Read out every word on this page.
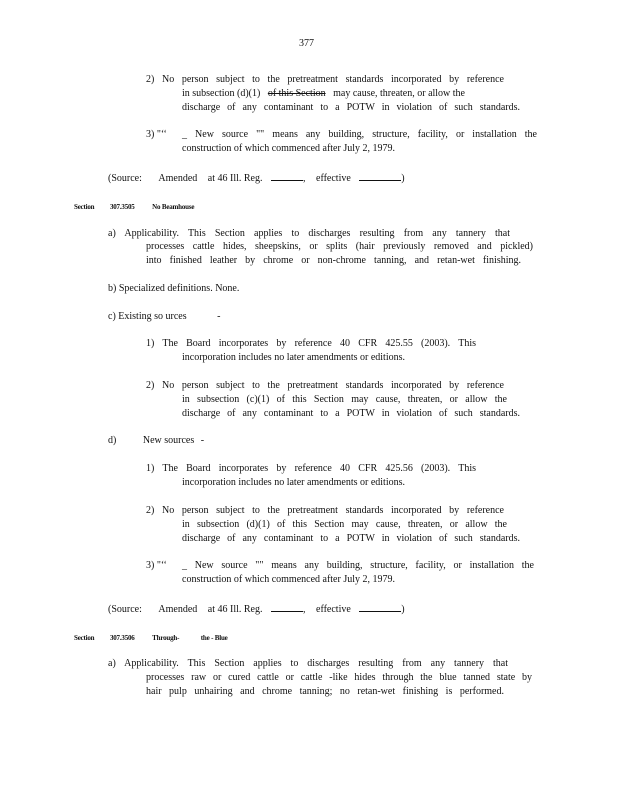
377
2) No person subject to the pretreatment standards incorporated by reference
in subsection (d)(1) of this Section may cause, threaten, or allow the
discharge of any contaminant to a POTW in violation of such standards.
3) "‘‘ _ New source "" means any building, structure, facility, or installation the
construction of which commenced after July 2, 1979.
(Source: Amended at 46 Ill. Reg.	, effective	)
Section 307.3505	No Beamhouse
a) Applicability. This Section applies to discharges resulting from any tannery that
processes cattle hides, sheepskins, or splits (hair previously removed and pickled)
into finished leather by chrome or non-chrome tanning, and retan-wet finishing.
b) Specialized definitions. None.
c) Existing so urces	-
1) The Board incorporates by reference 40 CFR 425.55 (2003). This
incorporation includes no later amendments or editions.
2) No person subject to the pretreatment standards incorporated by reference
in subsection (c)(1) of this Section may cause, threaten, or allow the
discharge of any contaminant to a POTW in violation of such standards.
d)	New sources -
1) The Board incorporates by reference 40 CFR 425.56 (2003). This
incorporation includes no later amendments or editions.
2) No person subject to the pretreatment standards incorporated by reference
in subsection (d)(1) of this Section may cause, threaten, or allow the
discharge of any contaminant to a POTW in violation of such standards.
3) "‘‘ _ New source "" means any building, structure, facility, or installation the
construction of which commenced after July 2, 1979.
(Source: Amended at 46 Ill. Reg.	, effective	)
Section 307.3506	Through-	the - Blue
a) Applicability. This Section applies to discharges resulting from any tannery that
processes raw or cured cattle or cattle -like hides through the blue tanned state by
hair pulp unhairing and chrome tanning; no retan-wet finishing is performed.
